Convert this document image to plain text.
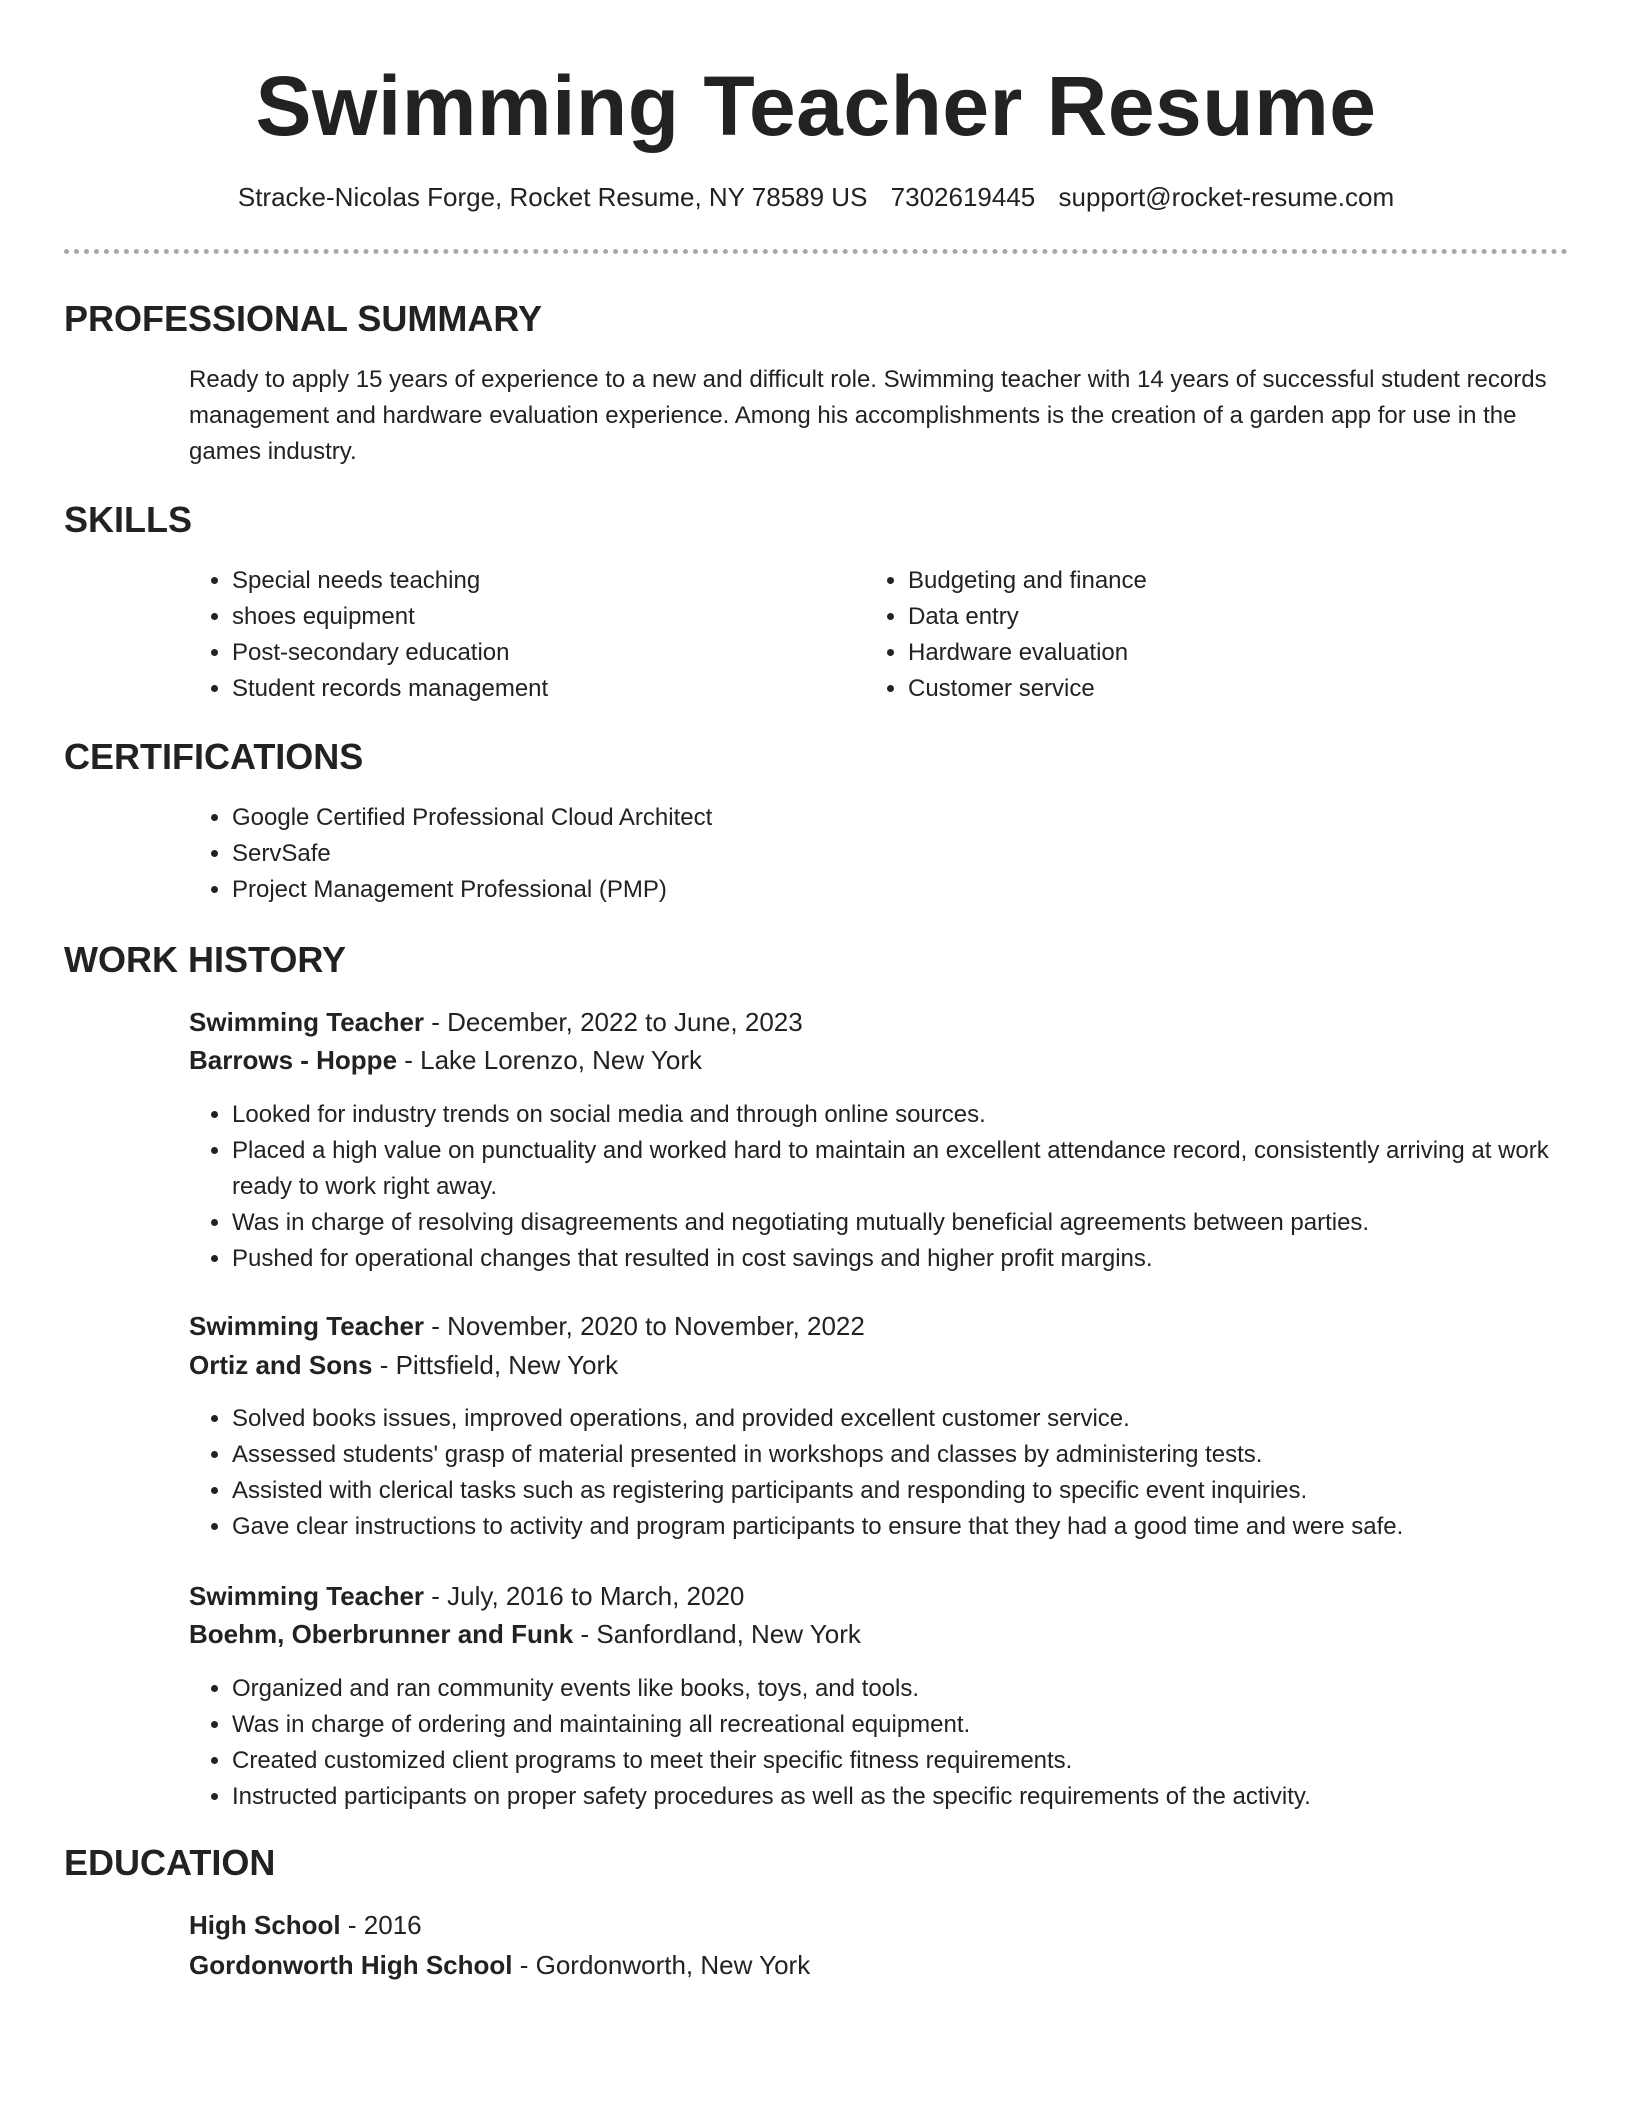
Swimming Teacher Resume
Stracke-Nicolas Forge, Rocket Resume, NY 78589 US 7302619445 support@rocket-resume.com
PROFESSIONAL SUMMARY
Ready to apply 15 years of experience to a new and difficult role. Swimming teacher with 14 years of successful student records management and hardware evaluation experience. Among his accomplishments is the creation of a garden app for use in the games industry.
SKILLS
• Special needs teaching
• shoes equipment
• Post-secondary education
• Student records management
• Budgeting and finance
• Data entry
• Hardware evaluation
• Customer service
CERTIFICATIONS
• Google Certified Professional Cloud Architect
• ServSafe
• Project Management Professional (PMP)
WORK HISTORY
Swimming Teacher - December, 2022 to June, 2023
Barrows - Hoppe - Lake Lorenzo, New York
• Looked for industry trends on social media and through online sources.
• Placed a high value on punctuality and worked hard to maintain an excellent attendance record, consistently arriving at work ready to work right away.
• Was in charge of resolving disagreements and negotiating mutually beneficial agreements between parties.
• Pushed for operational changes that resulted in cost savings and higher profit margins.
Swimming Teacher - November, 2020 to November, 2022
Ortiz and Sons - Pittsfield, New York
• Solved books issues, improved operations, and provided excellent customer service.
• Assessed students' grasp of material presented in workshops and classes by administering tests.
• Assisted with clerical tasks such as registering participants and responding to specific event inquiries.
• Gave clear instructions to activity and program participants to ensure that they had a good time and were safe.
Swimming Teacher - July, 2016 to March, 2020
Boehm, Oberbrunner and Funk - Sanfordland, New York
• Organized and ran community events like books, toys, and tools.
• Was in charge of ordering and maintaining all recreational equipment.
• Created customized client programs to meet their specific fitness requirements.
• Instructed participants on proper safety procedures as well as the specific requirements of the activity.
EDUCATION
High School - 2016
Gordonworth High School - Gordonworth, New York
